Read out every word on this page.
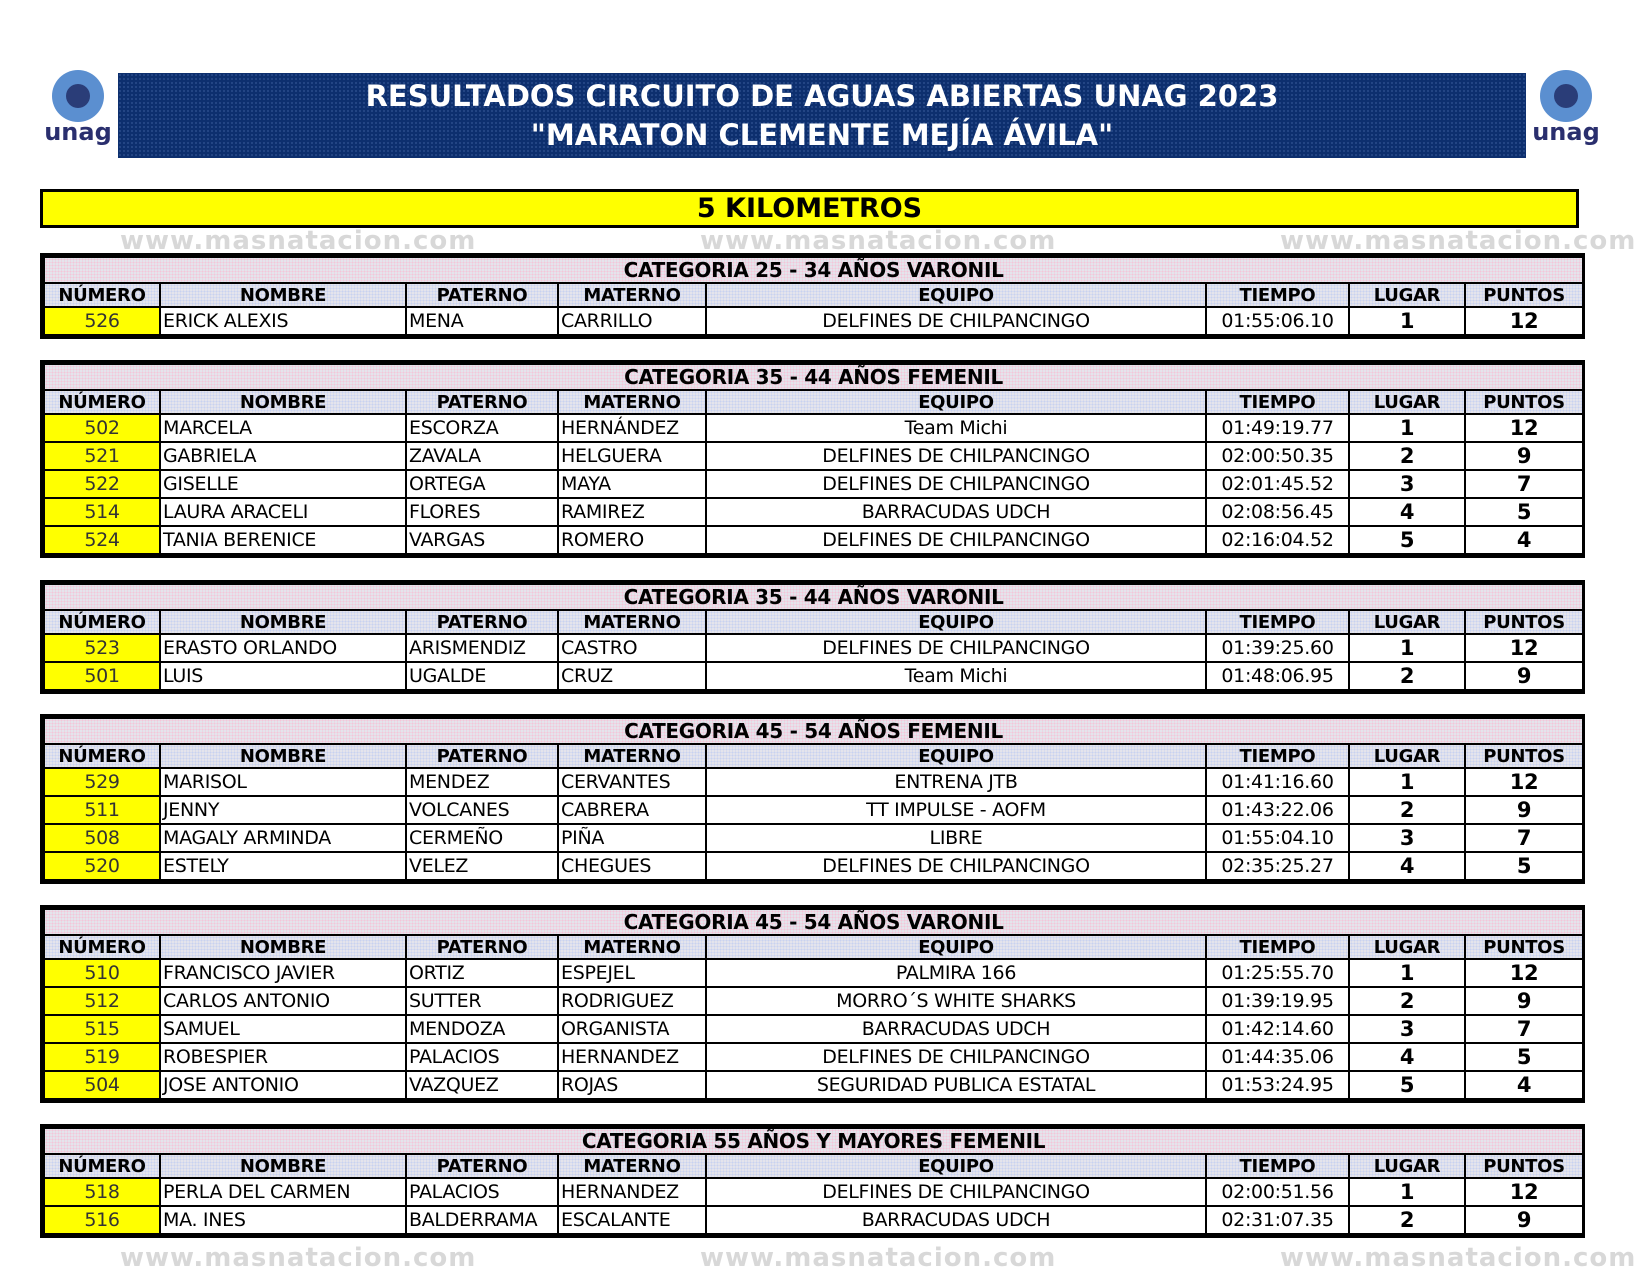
unag	unag
RESULTADOS CIRCUITO DE AGUAS ABIERTAS UNAG 2023
"MARATON CLEMENTE MEJÍA ÁVILA"
5 KILOMETROS
CATEGORIA 25 - 34 AÑOS VARONIL							
NÚMERO	NOMBRE	PATERNO	MATERNO	EQUIPO	TIEMPO	LUGAR	PUNTOS
526	ERICK ALEXIS	MENA	CARRILLO	DELFINES DE CHILPANCINGO	01:55:06.10	1	12
CATEGORIA 35 - 44 AÑOS FEMENIL							
NÚMERO	NOMBRE	PATERNO	MATERNO	EQUIPO	TIEMPO	LUGAR	PUNTOS
502	MARCELA	ESCORZA	HERNÁNDEZ	Team Michi	01:49:19.77	1	12
521	GABRIELA	ZAVALA	HELGUERA	DELFINES DE CHILPANCINGO	02:00:50.35	2	9
522	GISELLE	ORTEGA	MAYA	DELFINES DE CHILPANCINGO	02:01:45.52	3	7
514	LAURA ARACELI	FLORES	RAMIREZ	BARRACUDAS UDCH	02:08:56.45	4	5
524	TANIA BERENICE	VARGAS	ROMERO	DELFINES DE CHILPANCINGO	02:16:04.52	5	4
CATEGORIA 35 - 44 AÑOS VARONIL							
NÚMERO	NOMBRE	PATERNO	MATERNO	EQUIPO	TIEMPO	LUGAR	PUNTOS
523	ERASTO ORLANDO	ARISMENDIZ	CASTRO	DELFINES DE CHILPANCINGO	01:39:25.60	1	12
501	LUIS	UGALDE	CRUZ	Team Michi	01:48:06.95	2	9
CATEGORIA 45 - 54 AÑOS FEMENIL							
NÚMERO	NOMBRE	PATERNO	MATERNO	EQUIPO	TIEMPO	LUGAR	PUNTOS
529	MARISOL	MENDEZ	CERVANTES	ENTRENA JTB	01:41:16.60	1	12
511	JENNY	VOLCANES	CABRERA	TT IMPULSE - AOFM	01:43:22.06	2	9
508	MAGALY ARMINDA	CERMEÑO	PIÑA	LIBRE	01:55:04.10	3	7
520	ESTELY	VELEZ	CHEGUES	DELFINES DE CHILPANCINGO	02:35:25.27	4	5
CATEGORIA 45 - 54 AÑOS VARONIL							
NÚMERO	NOMBRE	PATERNO	MATERNO	EQUIPO	TIEMPO	LUGAR	PUNTOS
510	FRANCISCO JAVIER	ORTIZ	ESPEJEL	PALMIRA 166	01:25:55.70	1	12
512	CARLOS ANTONIO	SUTTER	RODRIGUEZ	MORRO´S WHITE SHARKS	01:39:19.95	2	9
515	SAMUEL	MENDOZA	ORGANISTA	BARRACUDAS UDCH	01:42:14.60	3	7
519	ROBESPIER	PALACIOS	HERNANDEZ	DELFINES DE CHILPANCINGO	01:44:35.06	4	5
504	JOSE ANTONIO	VAZQUEZ	ROJAS	SEGURIDAD PUBLICA ESTATAL	01:53:24.95	5	4
CATEGORIA 55 AÑOS Y MAYORES FEMENIL							
NÚMERO	NOMBRE	PATERNO	MATERNO	EQUIPO	TIEMPO	LUGAR	PUNTOS
518	PERLA DEL CARMEN	PALACIOS	HERNANDEZ	DELFINES DE CHILPANCINGO	02:00:51.56	1	12
516	MA. INES	BALDERRAMA	ESCALANTE	BARRACUDAS UDCH	02:31:07.35	2	9
www.masnatacion.com	www.masnatacion.com	www.masnatacion.com
www.masnatacion.com	www.masnatacion.com	www.masnatacion.com
